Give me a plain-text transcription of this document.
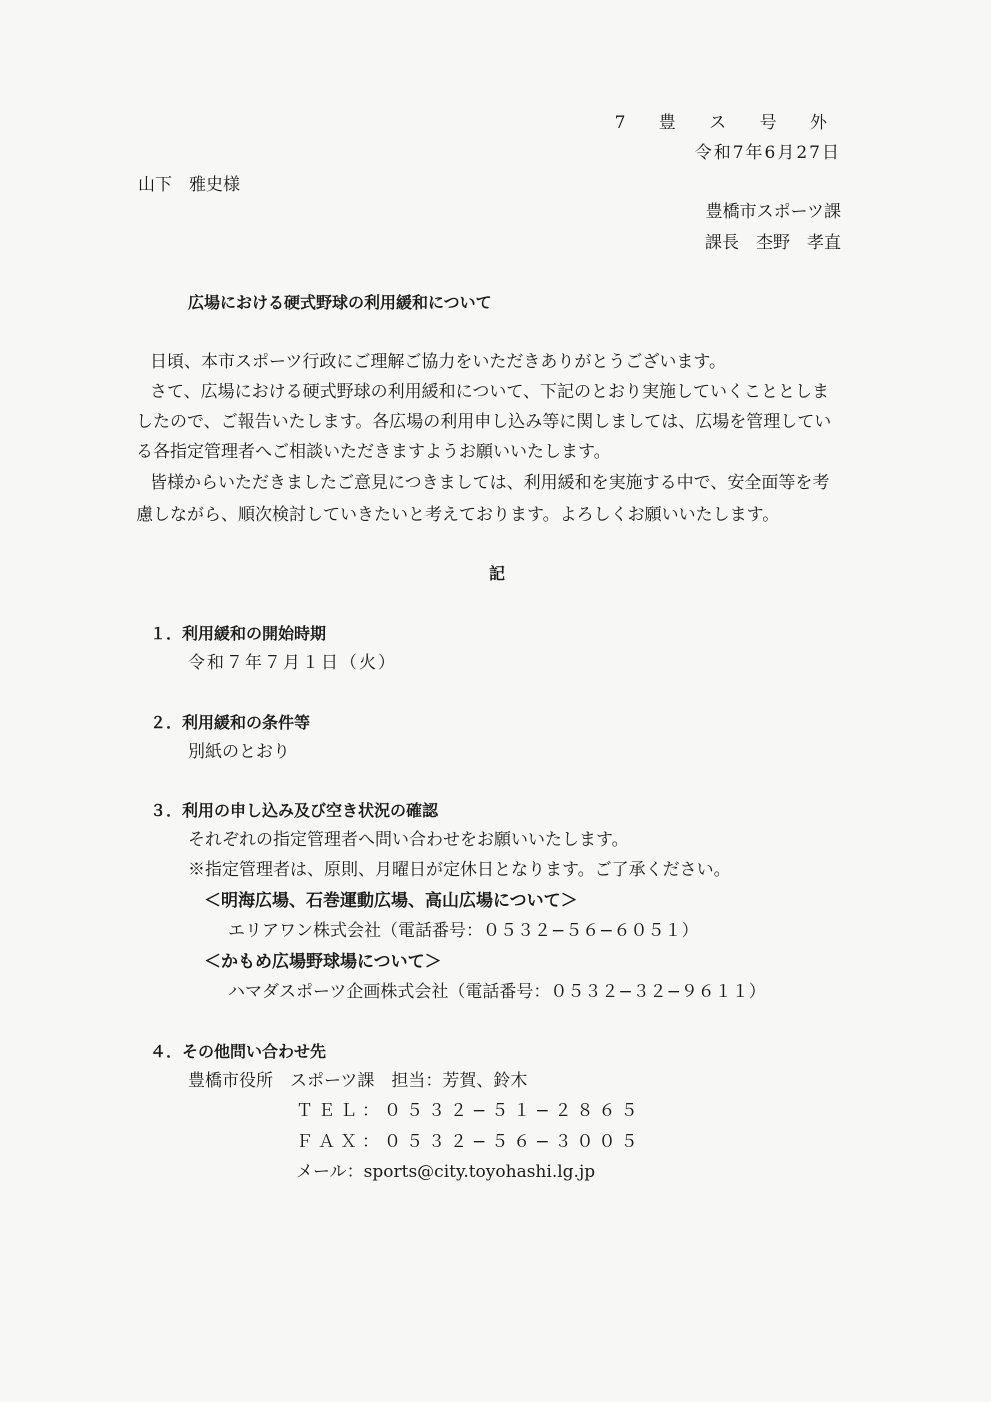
7 豊 ス 号 外
令和7年6月27日
山下　雅史様
豊橋市スポーツ課
課長　杢野　孝直
広場における硬式野球の利用緩和について
日頃、本市スポーツ行政にご理解ご協力をいただきありがとうございます。
さて、広場における硬式野球の利用緩和について、下記のとおり実施していくこととしま
したので、ご報告いたします。各広場の利用申し込み等に関しましては、広場を管理してい
る各指定管理者へご相談いただきますようお願いいたします。
皆様からいただきましたご意見につきましては、利用緩和を実施する中で、安全面等を考
慮しながら、順次検討していきたいと考えております。よろしくお願いいたします。
記
１．利用緩和の開始時期
令和７年７月１日（火）
２．利用緩和の条件等
別紙のとおり
３．利用の申し込み及び空き状況の確認
それぞれの指定管理者へ問い合わせをお願いいたします。
※指定管理者は、原則、月曜日が定休日となります。ご了承ください。
＜明海広場、石巻運動広場、高山広場について＞
エリアワン株式会社（電話番号：０５３２−５６−６０５１）
＜かもめ広場野球場について＞
ハマダスポーツ企画株式会社（電話番号：０５３２−３２−９６１１）
４．その他問い合わせ先
豊橋市役所　スポーツ課　担当：芳賀、鈴木
ＴＥＬ：０５３２−５１−２８６５
ＦＡＸ：０５３２−５６−３００５
メール：sports@city.toyohashi.lg.jp
